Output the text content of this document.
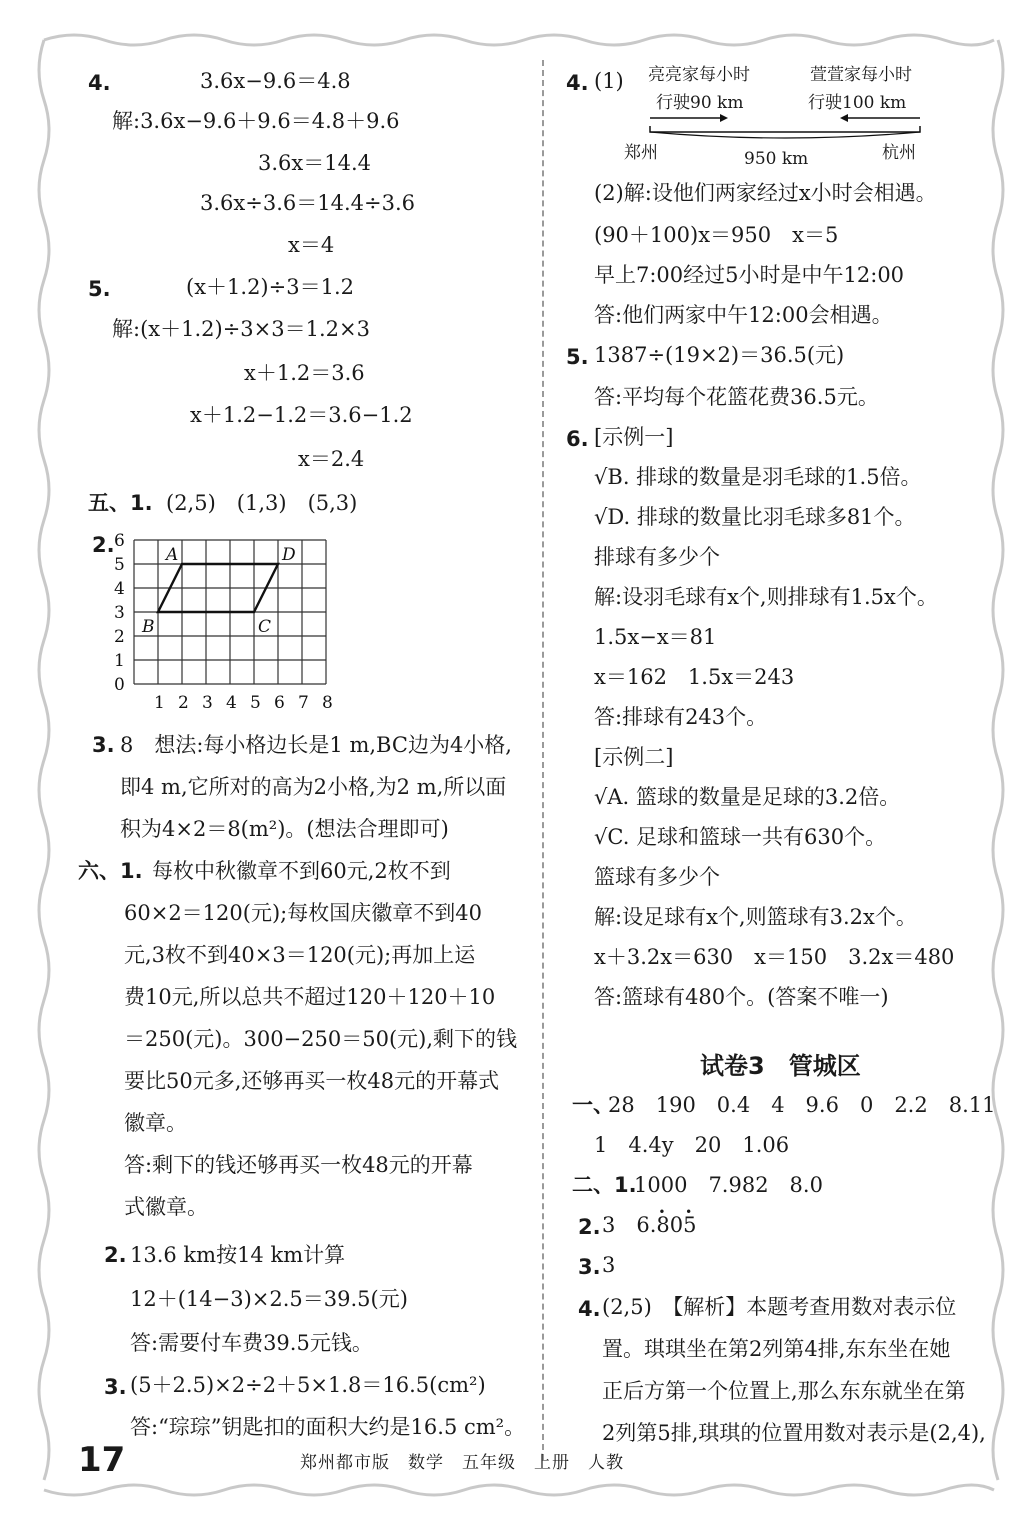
4.	3.6x−9.6＝4.8
解:3.6x−9.6＋9.6＝4.8＋9.6
3.6x＝14.4
3.6x÷3.6＝14.4÷3.6
x＝4
5.	(x＋1.2)÷3＝1.2
解:(x＋1.2)÷3×3＝1.2×3
x＋1.2＝3.6
x＋1.2−1.2＝3.6−1.2
x＝2.4
五、1. (2,5)　(1,3)　(5,3)
2. 6
5
4
3
2
1
0
1 2 3 4 5 6 7 8
A	D
B	C
3. 8　想法:每小格边长是1 m,BC边为4小格,
即4 m,它所对的高为2小格,为2 m,所以面
积为4×2＝8(m²)。(想法合理即可)
六、1. 每枚中秋徽章不到60元,2枚不到
60×2＝120(元);每枚国庆徽章不到40
元,3枚不到40×3＝120(元);再加上运
费10元,所以总共不超过120＋120＋10
＝250(元)。300−250＝50(元),剩下的钱
要比50元多,还够再买一枚48元的开幕式
徽章。
答:剩下的钱还够再买一枚48元的开幕
式徽章。
2. 13.6 km按14 km计算
12＋(14−3)×2.5＝39.5(元)
答:需要付车费39.5元钱。
3. (5＋2.5)×2÷2＋5×1.8＝16.5(cm²)
答:“琮琮”钥匙扣的面积大约是16.5 cm²。
4. (1) 亮亮家每小时
行驶90 km
萱萱家每小时
行驶100 km
郑州	950 km	杭州
(2)解:设他们两家经过x小时会相遇。
(90＋100)x＝950　x＝5
早上7:00经过5小时是中午12:00
答:他们两家中午12:00会相遇。
5. 1387÷(19×2)＝36.5(元)
答:平均每个花篮花费36.5元。
6. [示例一]
√B. 排球的数量是羽毛球的1.5倍。
√D. 排球的数量比羽毛球多81个。
排球有多少个
解:设羽毛球有x个,则排球有1.5x个。
1.5x−x＝81
x＝162　1.5x＝243
答:排球有243个。
[示例二]
√A. 篮球的数量是足球的3.2倍。
√C. 足球和篮球一共有630个。
篮球有多少个
解:设足球有x个,则篮球有3.2x个。
x＋3.2x＝630　x＝150　3.2x＝480
答:篮球有480个。(答案不唯一)
试卷3　管城区
一、
28　190　0.4　4　9.6　0　2.2　8.11
1　4.4y　20　1.06
二、1.
1000　7.982　8.0
2. 3　6.• 80• 5
3. 3
4. (2,5)　【解析】本题考查用数对表示位
置。琪琪坐在第2列第4排,东东坐在她
正后方第一个位置上,那么东东就坐在第
2列第5排,琪琪的位置用数对表示是(2,4),
17	郑州都市版　数学　五年级　上册　人教
